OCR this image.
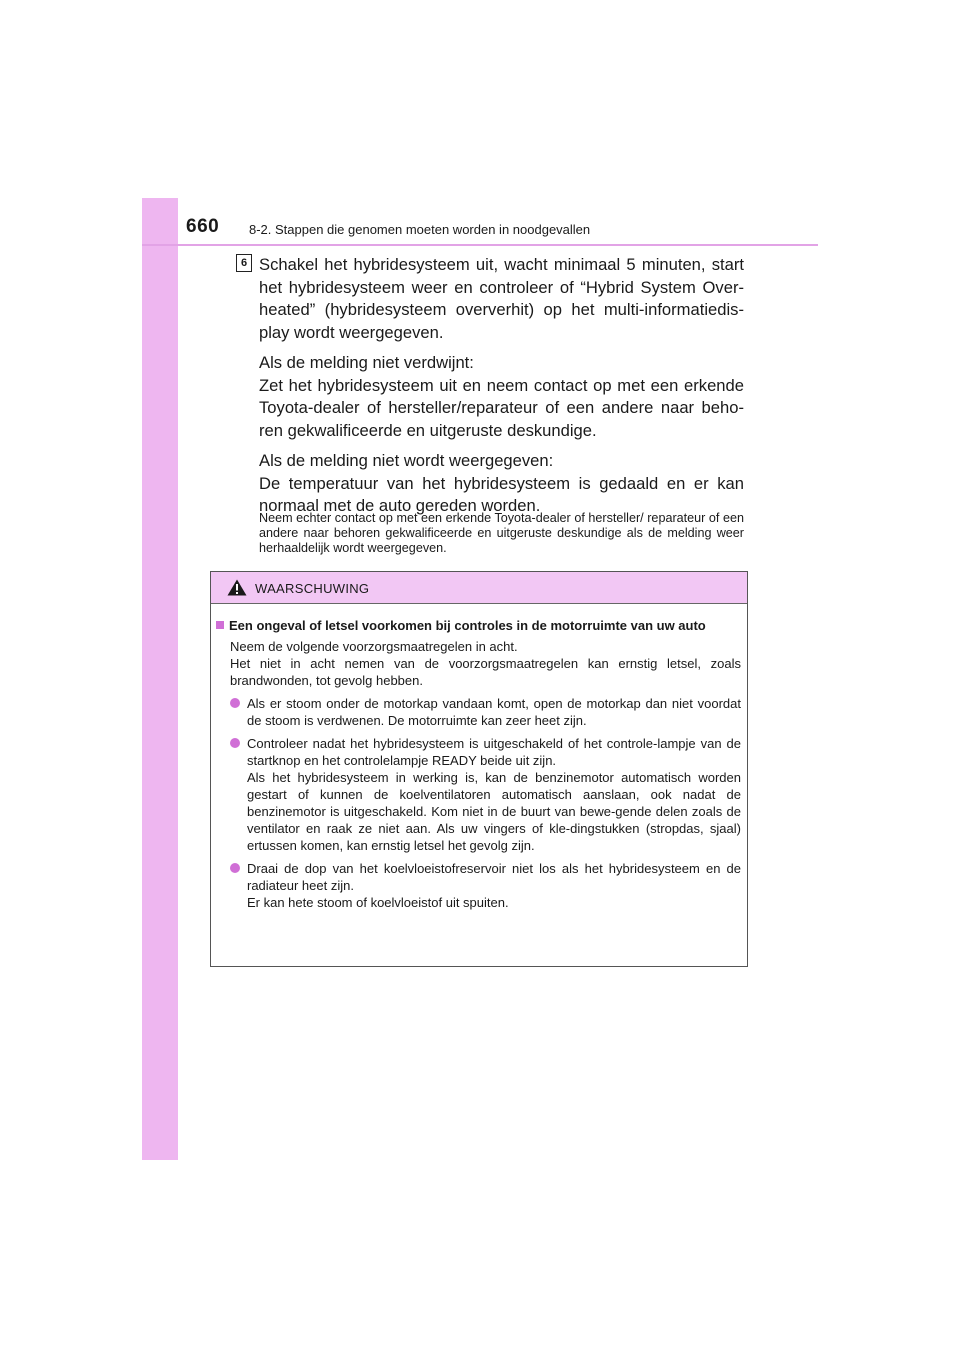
660 8-2. Stappen die genomen moeten worden in noodgevallen
6 Schakel het hybridesysteem uit, wacht minimaal 5 minuten, start het hybridesysteem weer en controleer of “Hybrid System Over-heated” (hybridesysteem oververhit) op het multi-informatiedis-play wordt weergegeven.

Als de melding niet verdwijnt:

Zet het hybridesysteem uit en neem contact op met een erkende Toyota-dealer of hersteller/reparateur of een andere naar beho-ren gekwalificeerde en uitgeruste deskundige.

Als de melding niet wordt weergegeven:

De temperatuur van het hybridesysteem is gedaald en er kan normaal met de auto gereden worden.

Neem echter contact op met een erkende Toyota-dealer of hersteller/ reparateur of een andere naar behoren gekwalificeerde en uitgeruste deskundige als de melding weer herhaaldelijk wordt weergegeven.

WAARSCHUWING
Een ongeval of letsel voorkomen bij controles in de motorruimte van uw auto

Neem de volgende voorzorgsmaatregelen in acht.

Het niet in acht nemen van de voorzorgsmaatregelen kan ernstig letsel, zoals brandwonden, tot gevolg hebben.

Als er stoom onder de motorkap vandaan komt, open de motorkap dan niet voordat de stoom is verdwenen. De motorruimte kan zeer heet zijn.

Controleer nadat het hybridesysteem is uitgeschakeld of het controle-lampje van de startknop en het controlelampje READY beide uit zijn.

Als het hybridesysteem in werking is, kan de benzinemotor automatisch worden gestart of kunnen de koelventilatoren automatisch aanslaan, ook nadat de benzinemotor is uitgeschakeld. Kom niet in de buurt van bewe-gende delen zoals de ventilator en raak ze niet aan. Als uw vingers of kle-dingstukken (stropdas, sjaal) ertussen komen, kan ernstig letsel het gevolg zijn.

Draai de dop van het koelvloeistofreservoir niet los als het hybridesysteem en de radiateur heet zijn.

Er kan hete stoom of koelvloeistof uit spuiten.
